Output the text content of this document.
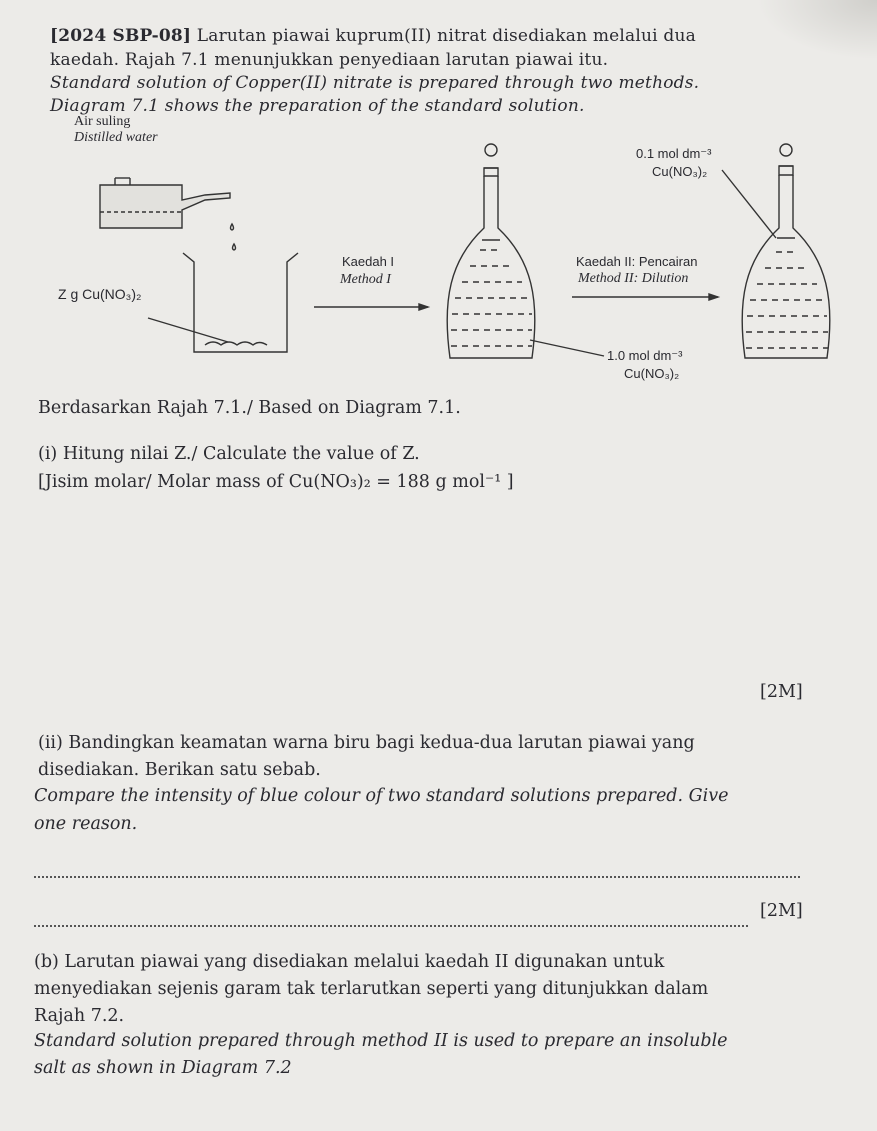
[2024 SBP-08] Larutan piawai kuprum(II) nitrat disediakan melalui dua
kaedah. Rajah 7.1 menunjukkan penyediaan larutan piawai itu.
Standard solution of Copper(II) nitrate is prepared through two methods.
Diagram 7.1 shows the preparation of the standard solution.
Air suling
Distilled water
Z g Cu(NO₃)₂
Kaedah I
Method I
Kaedah II: Pencairan
Method II: Dilution
0.1 mol dm⁻³
Cu(NO₃)₂
1.0 mol dm⁻³
Cu(NO₃)₂
Berdasarkan Rajah 7.1./ Based on Diagram 7.1.
(i) Hitung nilai Z./ Calculate the value of Z.
[Jisim molar/ Molar mass of Cu(NO₃)₂ = 188 g mol⁻¹ ]
[2M]
(ii) Bandingkan keamatan warna biru bagi kedua-dua larutan piawai yang
disediakan. Berikan satu sebab.
Compare the intensity of blue colour of two standard solutions prepared. Give
one reason.
[2M]
(b) Larutan piawai yang disediakan melalui kaedah II digunakan untuk
menyediakan sejenis garam tak terlarutkan seperti yang ditunjukkan dalam
Rajah 7.2.
Standard solution prepared through method II is used to prepare an insoluble
salt as shown in Diagram 7.2
